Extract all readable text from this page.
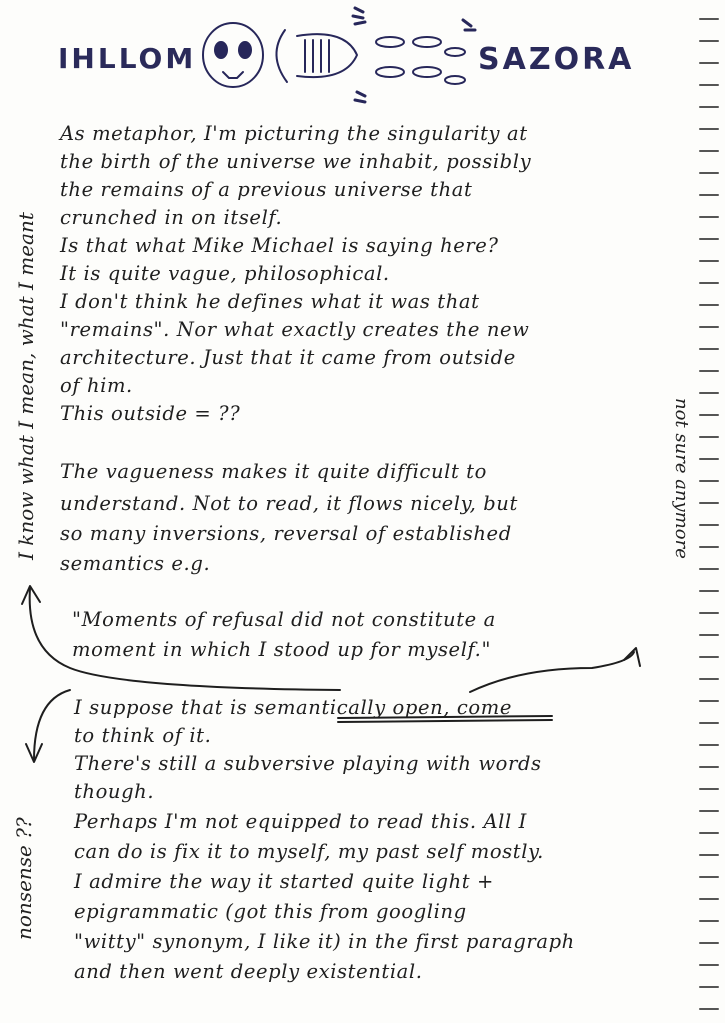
IHLLOM	SAZORA
I know what I mean, what I meant
nonsense ??
not sure anymore
As metaphor, I'm picturing the singularity at
the birth of the universe we inhabit, possibly
the remains of a previous universe that
crunched in on itself.
Is that what Mike Michael is saying here?
It is quite vague, philosophical.
I don't think he defines what it was that
"remains". Nor what exactly creates the new
architecture. Just that it came from outside
of him.
This outside = ??
The vagueness makes it quite difficult to
understand. Not to read, it flows nicely, but
so many inversions, reversal of established
semantics e.g.
"Moments of refusal did not constitute a
moment in which I stood up for myself."
I suppose that is semantically open, come
to think of it.
There's still a subversive playing with words
though.
Perhaps I'm not equipped to read this. All I
can do is fix it to myself, my past self mostly.
I admire the way it started quite light +
epigrammatic (got this from googling
"witty" synonym, I like it) in the first paragraph
and then went deeply existential.
